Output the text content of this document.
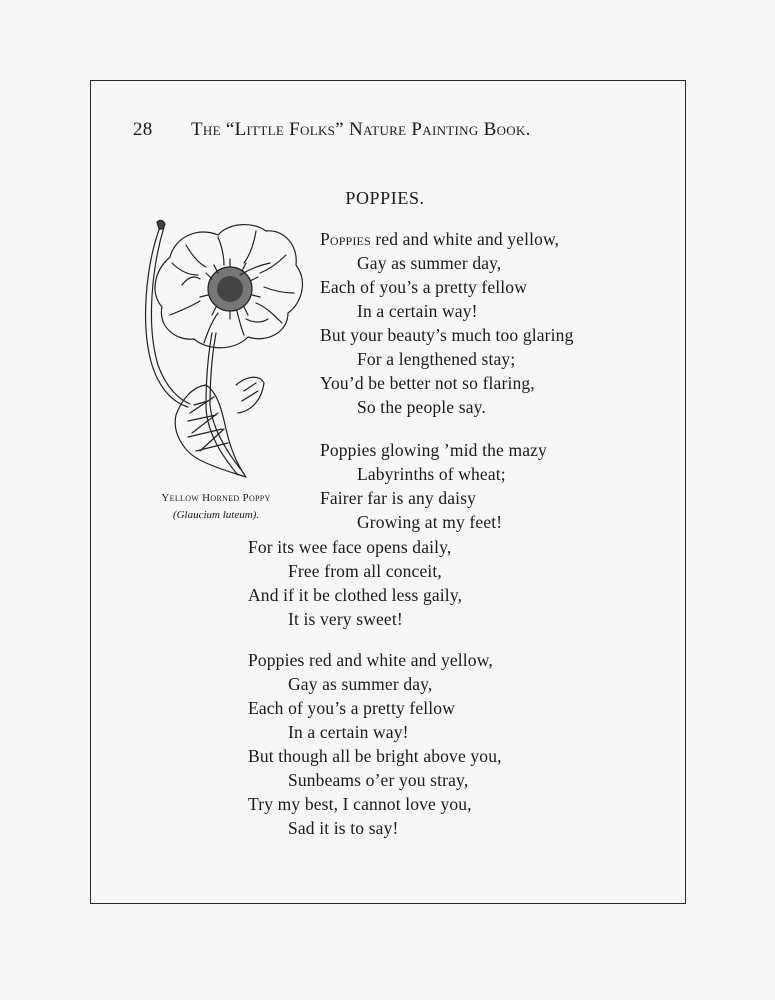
28	The “Little Folks” Nature Painting Book.
POPPIES.
Yellow Horned Poppy
(Glaucium luteum).
Poppies red and white and yellow,
Gay as summer day,
Each of you’s a pretty fellow
In a certain way!
But your beauty’s much too glaring
For a lengthened stay;
You’d be better not so flaring,
So the people say.
Poppies glowing ’mid the mazy
Labyrinths of wheat;
Fairer far is any daisy
Growing at my feet!
For its wee face opens daily,
Free from all conceit,
And if it be clothed less gaily,
It is very sweet!
Poppies red and white and yellow,
Gay as summer day,
Each of you’s a pretty fellow
In a certain way!
But though all be bright above you,
Sunbeams o’er you stray,
Try my best, I cannot love you,
Sad it is to say!
